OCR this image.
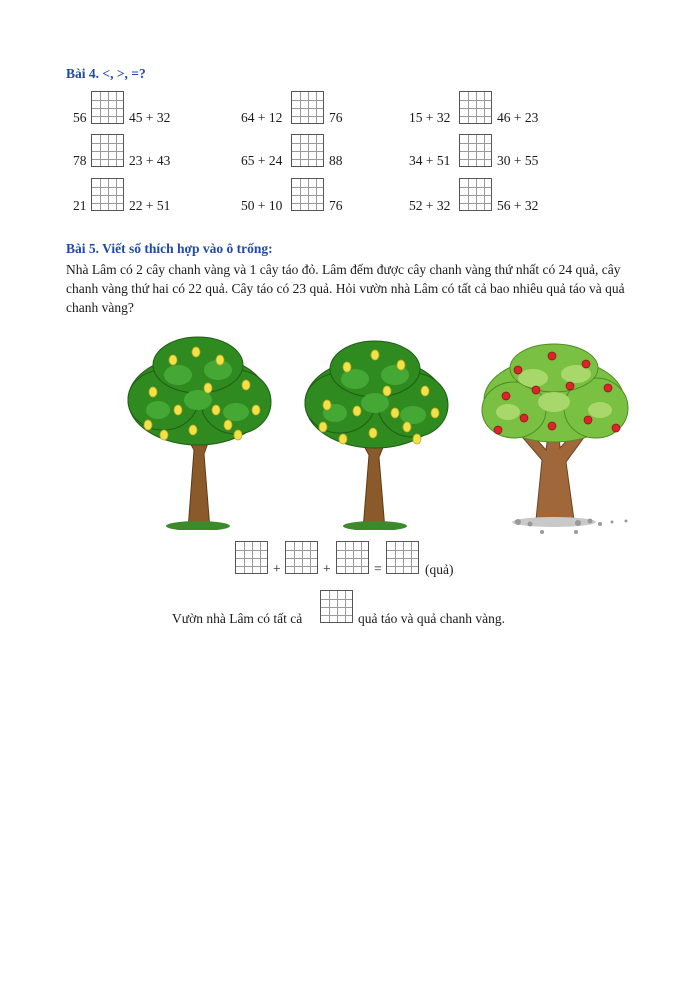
Bài 4. <, >, =?
56	45 + 32	64 + 12	76	15 + 32	46 + 23
78	23 + 43	65 + 24	88	34 + 51	30 + 55
21	22 + 51	50 + 10	76	52 + 32	56 + 32
Bài 5. Viết số thích hợp vào ô trống:
Nhà Lâm có 2 cây chanh vàng và 1 cây táo đỏ. Lâm đếm được cây chanh vàng thứ nhất có 24 quả, cây chanh vàng thứ hai có 22 quả. Cây táo có 23 quả. Hỏi vườn nhà Lâm có tất cả bao nhiêu quả táo và quả chanh vàng?
+	+	=	(quả)
Vườn nhà Lâm có tất cả	quả táo và quả chanh vàng.
